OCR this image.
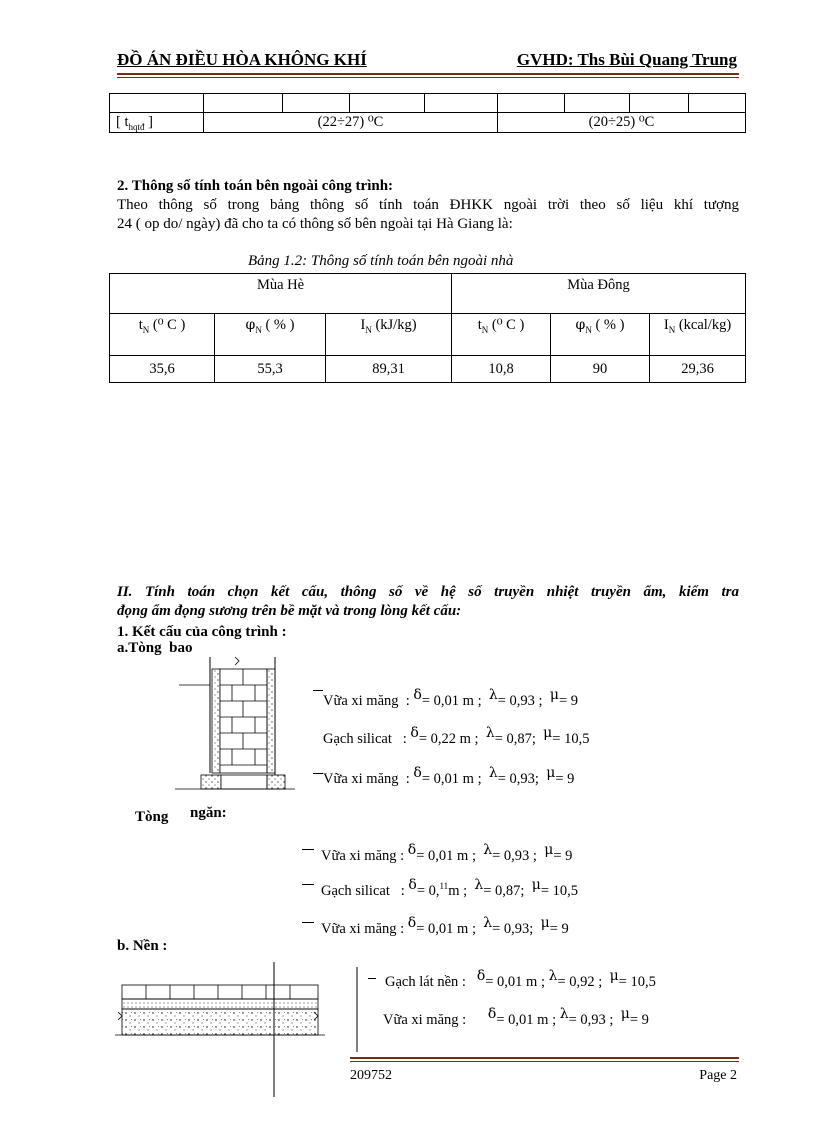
ĐỒ ÁN ĐIỀU HÒA KHÔNG KHÍ	GVHD: Ths Bùi Quang Trung

[ $t_{hqtđ}$ ]	(22÷27) ⁰C				(20÷25) ⁰C			
2. Thông số tính toán bên ngoài công trình:
Theo thông số trong bảng thông số tính toán ĐHKK ngoài trời theo số liệu khí tượng
24 ( op do/ ngày) đã cho ta có thông số bên ngoài tại Hà Giang là:
Bảng 1.2: Thông số tính toán bên ngoài nhà
Mùa Hè			Mùa Đông		
$t_N$ (⁰ C )	$\varphi_N$ ( % )	$I_N$ (kJ/kg)	$t_N$ (⁰ C )	$\varphi_N$ ( % )	$I_N$ (kcal/kg)
35,6	55,3	89,31	10,8	90	29,36
II. Tính toán chọn kết cấu, thông số về hệ số truyền nhiệt truyền ẩm, kiểm tra
đọng ẩm đọng sương trên bề mặt và trong lòng kết cấu:
1. Kết cấu của công trình :
a.Tòng bao
Vữa xi măng : $^\delta$= 0,01 m ; $^\lambda$= 0,93 ; $^\mu$= 9
Gạch silicat : $^\delta$= 0,22 m ; $^\lambda$= 0,87; $^\mu$= 10,5
Vữa xi măng : $^\delta$= 0,01 m ; $^\lambda$= 0,93; $^\mu$= 9
Tòng ngăn:
Vữa xi măng : $^\delta$= 0,01 m ; $^\lambda$= 0,93 ; $^\mu$= 9
Gạch silicat : $^\delta$= 0,11m ; $^\lambda$= 0,87; $^\mu$= 10,5
Vữa xi măng : $^\delta$= 0,01 m ; $^\lambda$= 0,93; $^\mu$= 9
b. Nền :
Gạch lát nền : $^\delta$= 0,01 m ; $^\lambda$= 0,92 ; $^\mu$= 10,5
Vữa xi măng : $^\delta$= 0,01 m ; $^\lambda$= 0,93 ; $^\mu$= 9
209752	Page 2
